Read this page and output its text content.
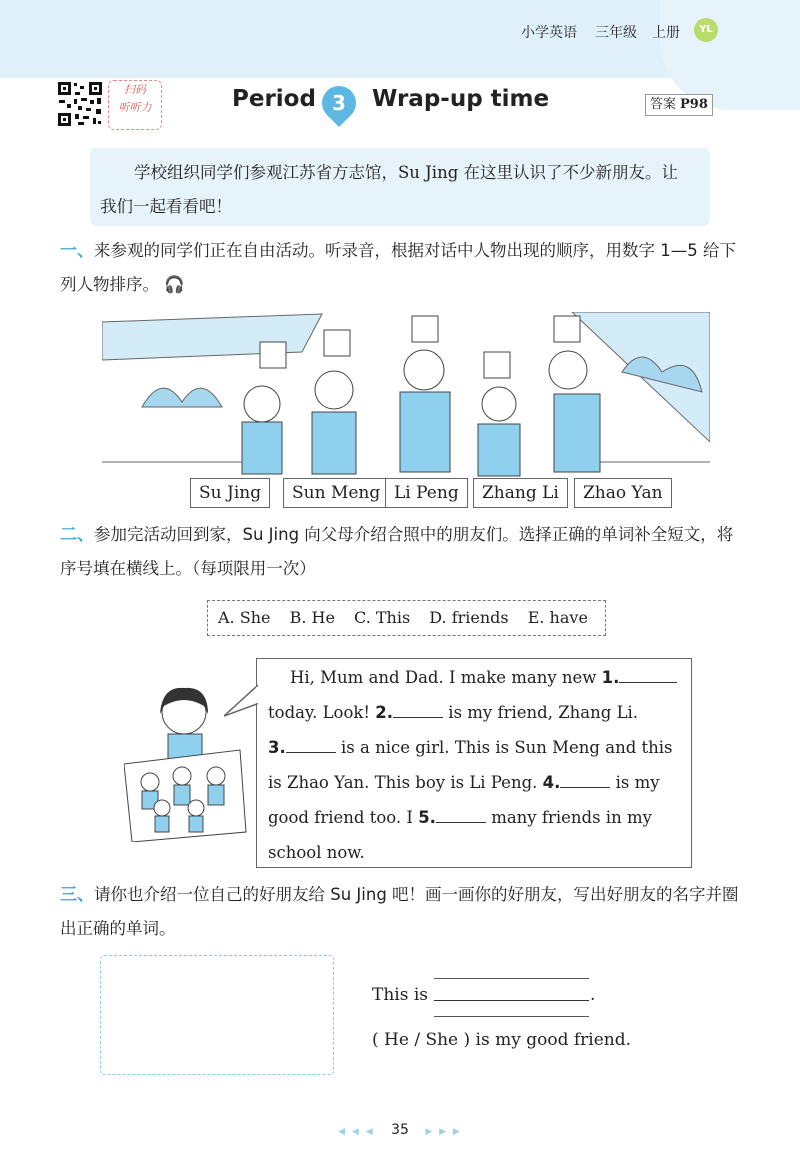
小学英语 三年级 上册	YL
扫码
听听力	Period 3	Wrap-up time	答案 P98
学校组织同学们参观江苏省方志馆，Su Jing 在这里认识了不少新朋友。让我们一起看看吧！
一、来参观的同学们正在自由活动。听录音，根据对话中人物出现的顺序，用数字 1—5 给下列人物排序。 🎧
Su Jing	Sun Meng Li Peng	Zhang Li	Zhao Yan
二、参加完活动回到家，Su Jing 向父母介绍合照中的朋友们。选择正确的单词补全短文，将序号填在横线上。（每项限用一次）
A. She B. He C. This D. friends E. have
Hi, Mum and Dad. I make many new 1.
today. Look! 2.	is my friend, Zhang Li.
3.	is a nice girl. This is Sun Meng and this
is Zhao Yan. This boy is Li Peng. 4.	is my
good friend too. I 5.	many friends in my
school now.
三、请你也介绍一位自己的好朋友给 Su Jing 吧！画一画你的好朋友，写出好朋友的名字并圈出正确的单词。
This is	.
( He / She ) is my good friend.
◀ ◀ ◀ 35 ▶ ▶ ▶
